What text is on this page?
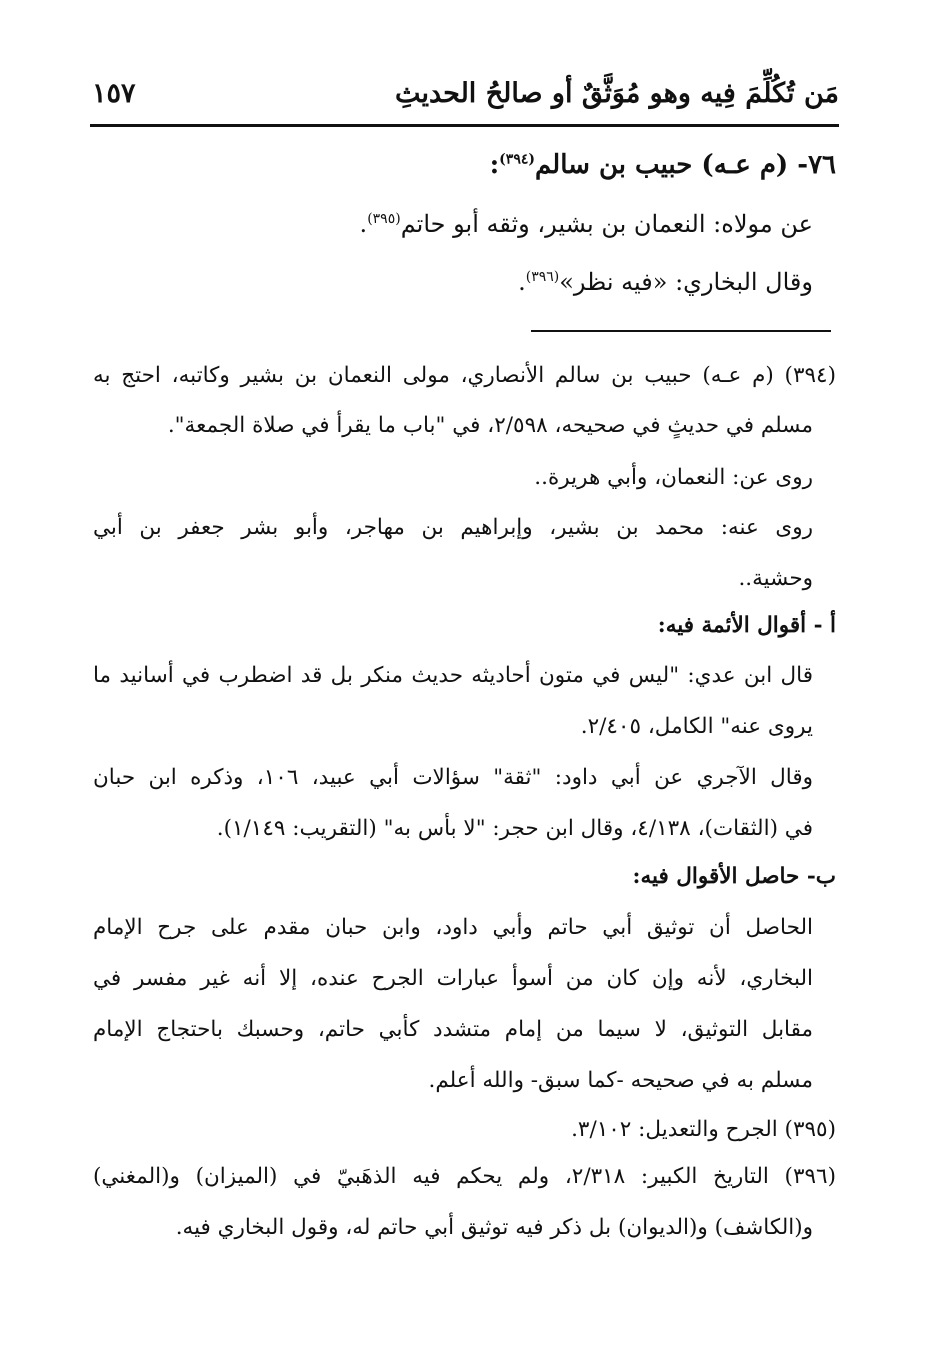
مَن تُكُلِّمَ فِيه وهو مُوَثَّقٌ أو صالحُ الحديثِ
١٥٧
٧٦- (م عـه) حبيب بن سالم$^{(٣٩٤)}$:
عن مولاه: النعمان بن بشير، وثقه أبو حاتم$^{(٣٩٥)}$.
وقال البخاري: «فيه نظر»$^{(٣٩٦)}$.
(٣٩٤) (م عـه) حبيب بن سالم الأنصاري، مولى النعمان بن بشير وكاتبه، احتج به
مسلم في حديثٍ في صحيحه، ٢/٥٩٨، في "باب ما يقرأ في صلاة الجمعة".
روى عن: النعمان، وأبي هريرة..
روى عنه: محمد بن بشير، وإبراهيم بن مهاجر، وأبو بشر جعفر بن أبي
وحشية..
أ - أقوال الأئمة فيه:
قال ابن عدي: "ليس في متون أحاديثه حديث منكر بل قد اضطرب في أسانيد ما
يروى عنه" الكامل، ٢/٤٠٥.
وقال الآجري عن أبي داود: "ثقة" سؤالات أبي عبيد، ١٠٦، وذكره ابن حبان
في (الثقات)، ٤/١٣٨، وقال ابن حجر: "لا بأس به" (التقريب: ١/١٤٩).
ب- حاصل الأقوال فيه:
الحاصل أن توثيق أبي حاتم وأبي داود، وابن حبان مقدم على جرح الإمام
البخاري، لأنه وإن كان من أسوأ عبارات الجرح عنده، إلا أنه غير مفسر في
مقابل التوثيق، لا سيما من إمام متشدد كأبي حاتم، وحسبك باحتجاج الإمام
مسلم به في صحيحه -كما سبق- والله أعلم.
(٣٩٥) الجرح والتعديل: ٣/١٠٢.
(٣٩٦) التاريخ الكبير: ٢/٣١٨، ولم يحكم فيه الذهَبيّ في (الميزان) و(المغني)
و(الكاشف) و(الديوان) بل ذكر فيه توثيق أبي حاتم له، وقول البخاري فيه.
